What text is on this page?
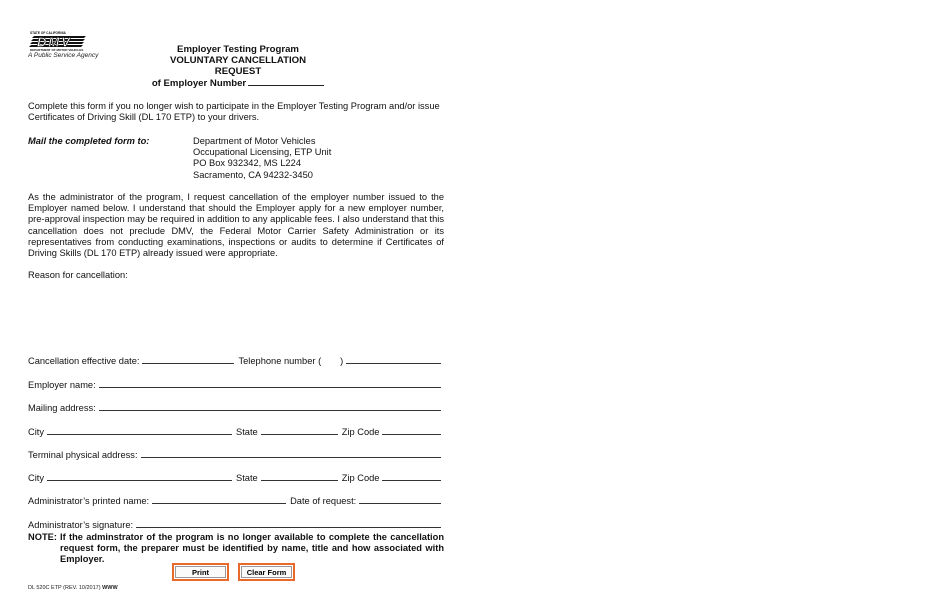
STATE OF CALIFORNIA
DMV
DEPARTMENT OF MOTOR VEHICLES
A Public Service Agency
Employer Testing Program
VOLUNTARY CANCELLATION REQUEST
of Employer Number
Complete this form if you no longer wish to participate in the Employer Testing Program and/or issue Certificates of Driving Skill (DL 170 ETP) to your drivers.
Mail the completed form to:	Department of Motor Vehicles
Occupational Licensing, ETP Unit
PO Box 932342, MS L224
Sacramento, CA 94232-3450
As the administrator of the program, I request cancellation of the employer number issued to the Employer named below. I understand that should the Employer apply for a new employer number, pre-approval inspection may be required in addition to any applicable fees. I also understand that this cancellation does not preclude DMV, the Federal Motor Carrier Safety Administration or its representatives from conducting examinations, inspections or audits to determine if Certificates of Driving Skills (DL 170 ETP) already issued were appropriate.
Reason for cancellation:
Cancellation effective date:	Telephone number (	)
Employer name:
Mailing address:
City	State	Zip Code
Terminal physical address:
City	State	Zip Code
Administrator’s printed name:	Date of request:
Administrator’s signature:
NOTE: If the adminstrator of the program is no longer available to complete the cancellation request form, the preparer must be identified by name, title and how associated with Employer.
Print	Clear Form
DL 520C ETP (REV. 10/2017) WWW
